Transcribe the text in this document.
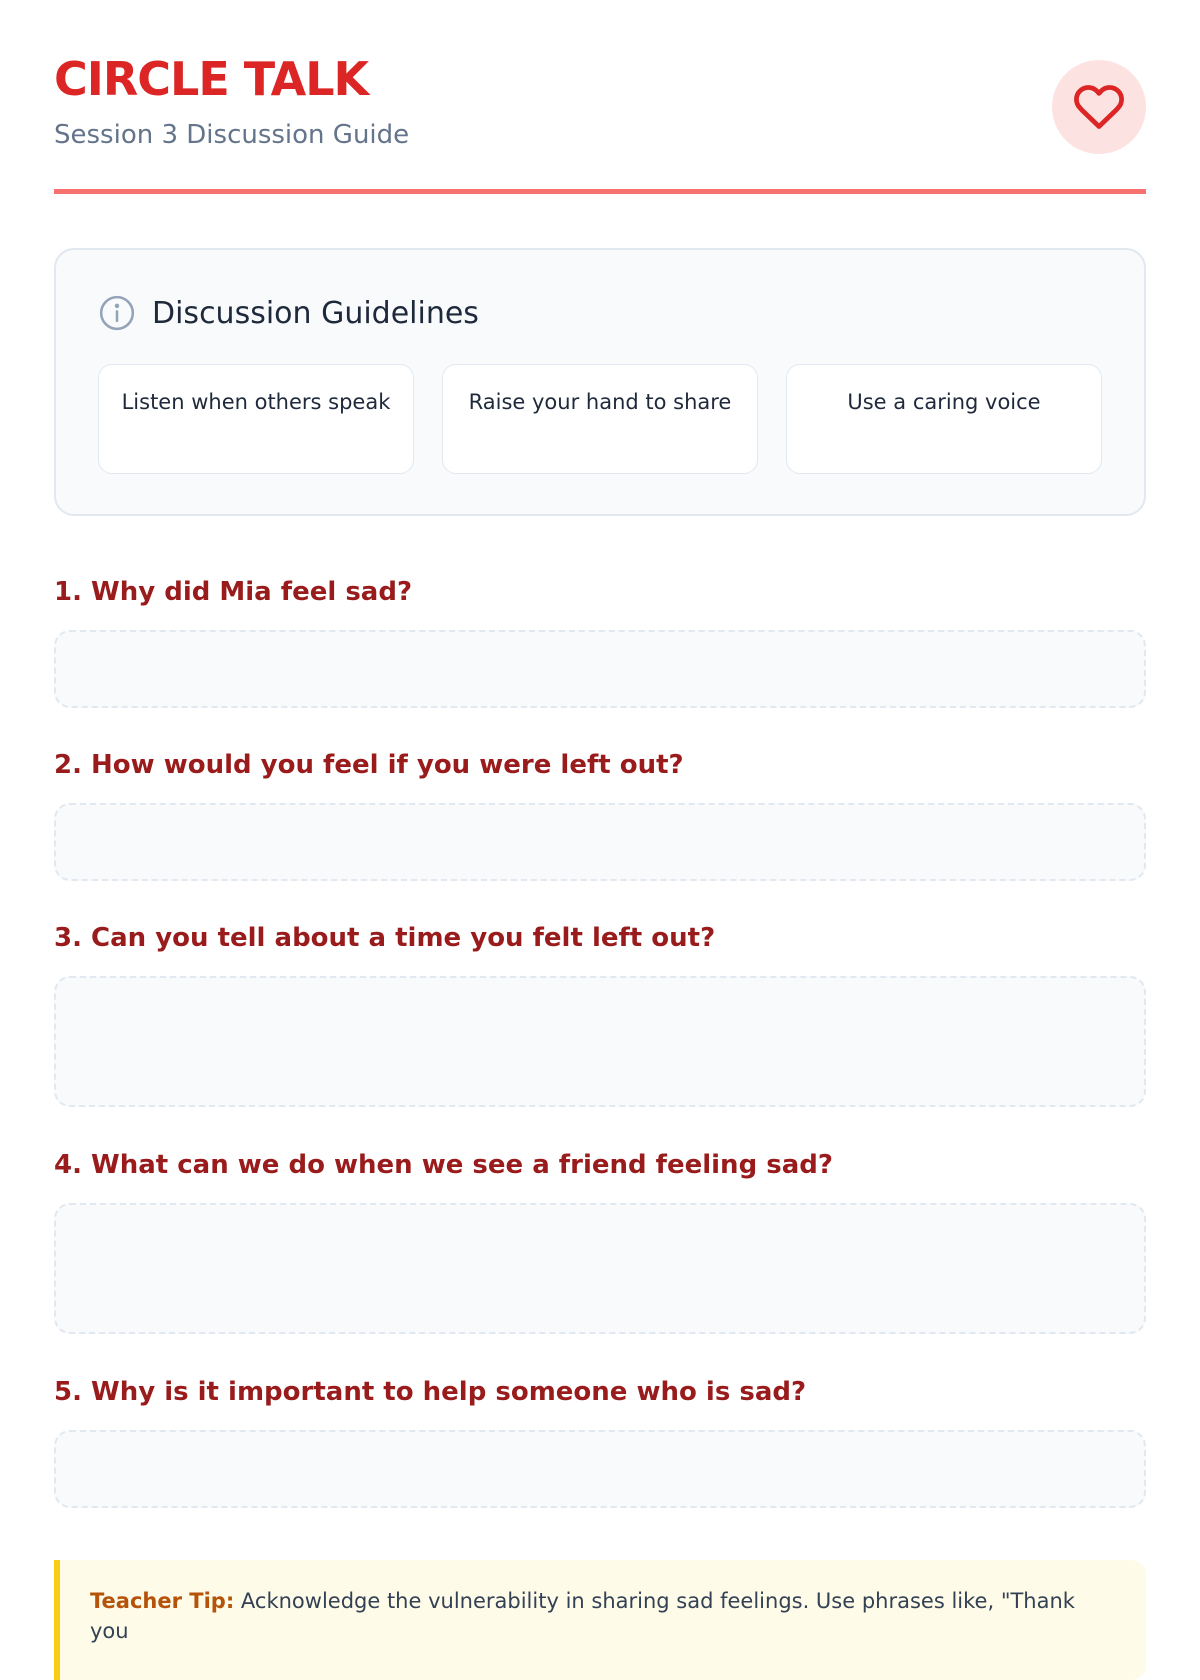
CIRCLE TALK
Session 3 Discussion Guide
Discussion Guidelines
Listen when others speak	Raise your hand to share	Use a caring voice
1. Why did Mia feel sad?
2. How would you feel if you were left out?
3. Can you tell about a time you felt left out?
4. What can we do when we see a friend feeling sad?
5. Why is it important to help someone who is sad?
Teacher Tip: Acknowledge the vulnerability in sharing sad feelings. Use phrases like, "Thank you
